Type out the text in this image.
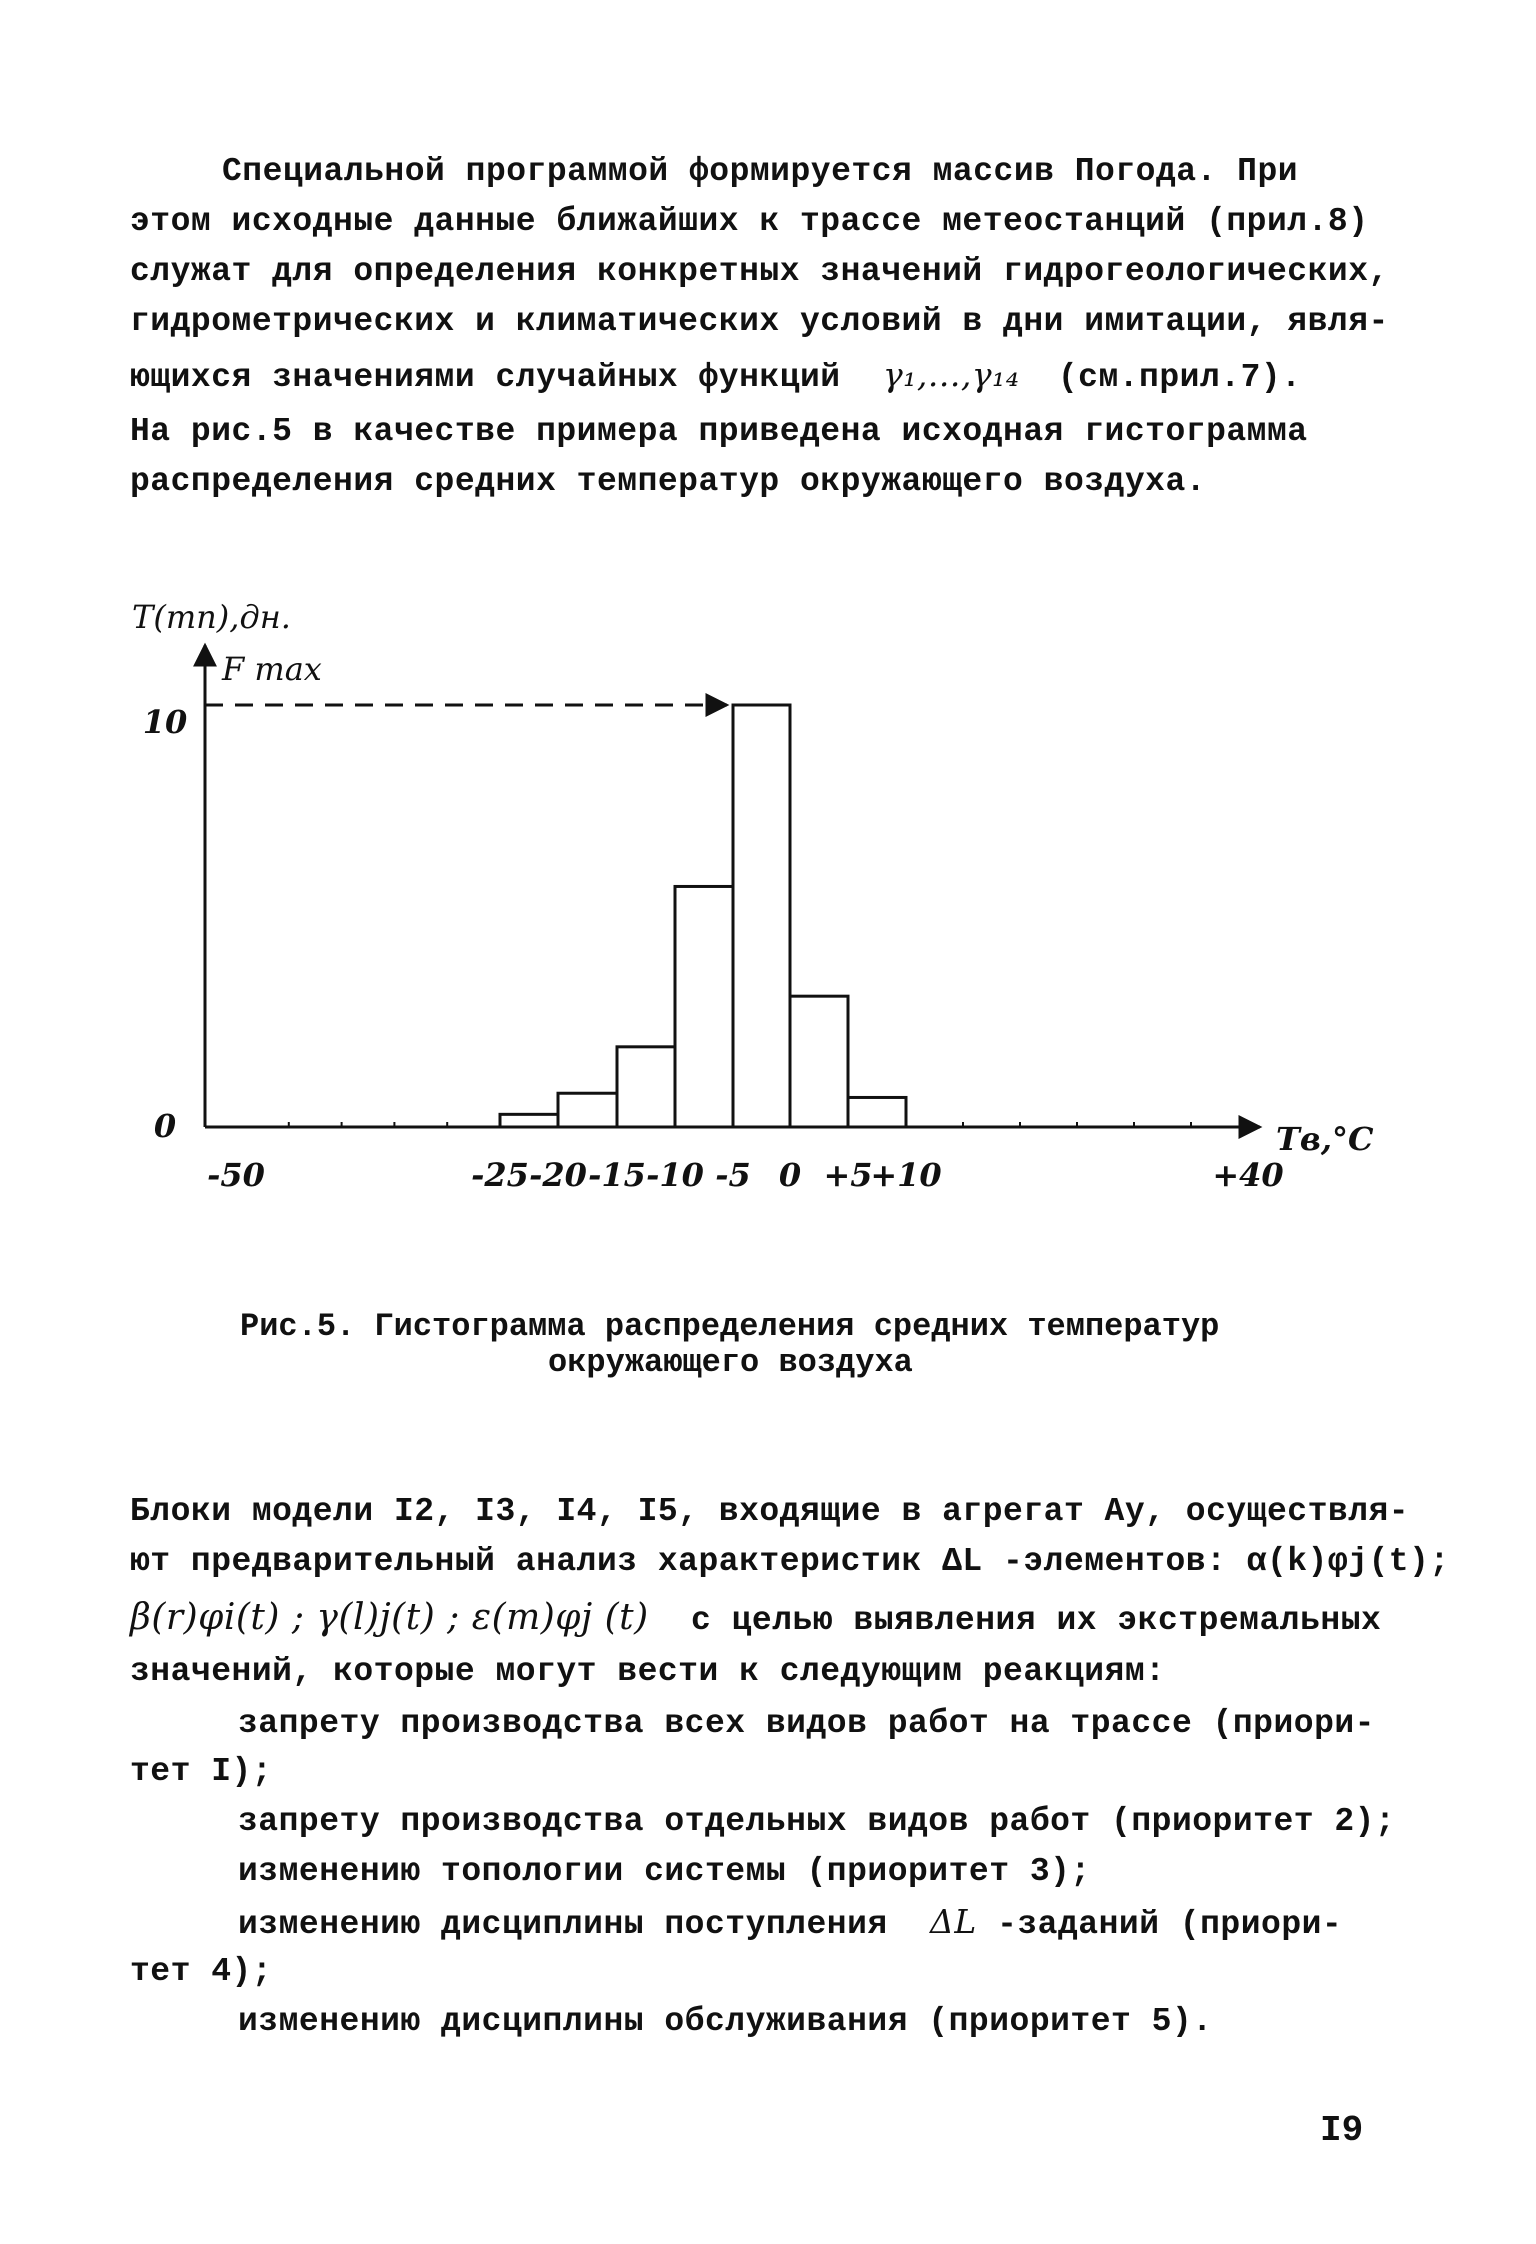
Специальной программой формируется массив Погода. При
этом исходные данные ближайших к трассе метеостанций (прил.8)
служат для определения конкретных значений гидрогеологических,
гидрометрических и климатических условий в дни имитации, явля-
ющихся значениями случайных функций γ₁,...,γ₁₄ (см.прил.7).
На рис.5 в качестве примера приведена исходная гистограмма
распределения средних температур окружающего воздуха.
-50	-25 -20 -15 -10 -5 0 +5
+10	+40
0
10
T(mn),дн.
F max
Tв,°C
Рис.5. Гистограмма распределения средних температур
окружающего воздуха
Блоки модели I2, I3, I4, I5, входящие в агрегат Aу, осуществля-
ют предварительный анализ характеристик ΔL -элементов: α(k)φj(t);
β(r)φi(t) ; γ(l)j(t) ; ε(m)φj (t) с целью выявления их экстремальных
значений, которые могут вести к следующим реакциям:
запрету производства всех видов работ на трассе (приори-
тет I);
запрету производства отдельных видов работ (приоритет 2);
изменению топологии системы (приоритет 3);
изменению дисциплины поступления ΔL -заданий (приори-
тет 4);
изменению дисциплины обслуживания (приоритет 5).
I9
